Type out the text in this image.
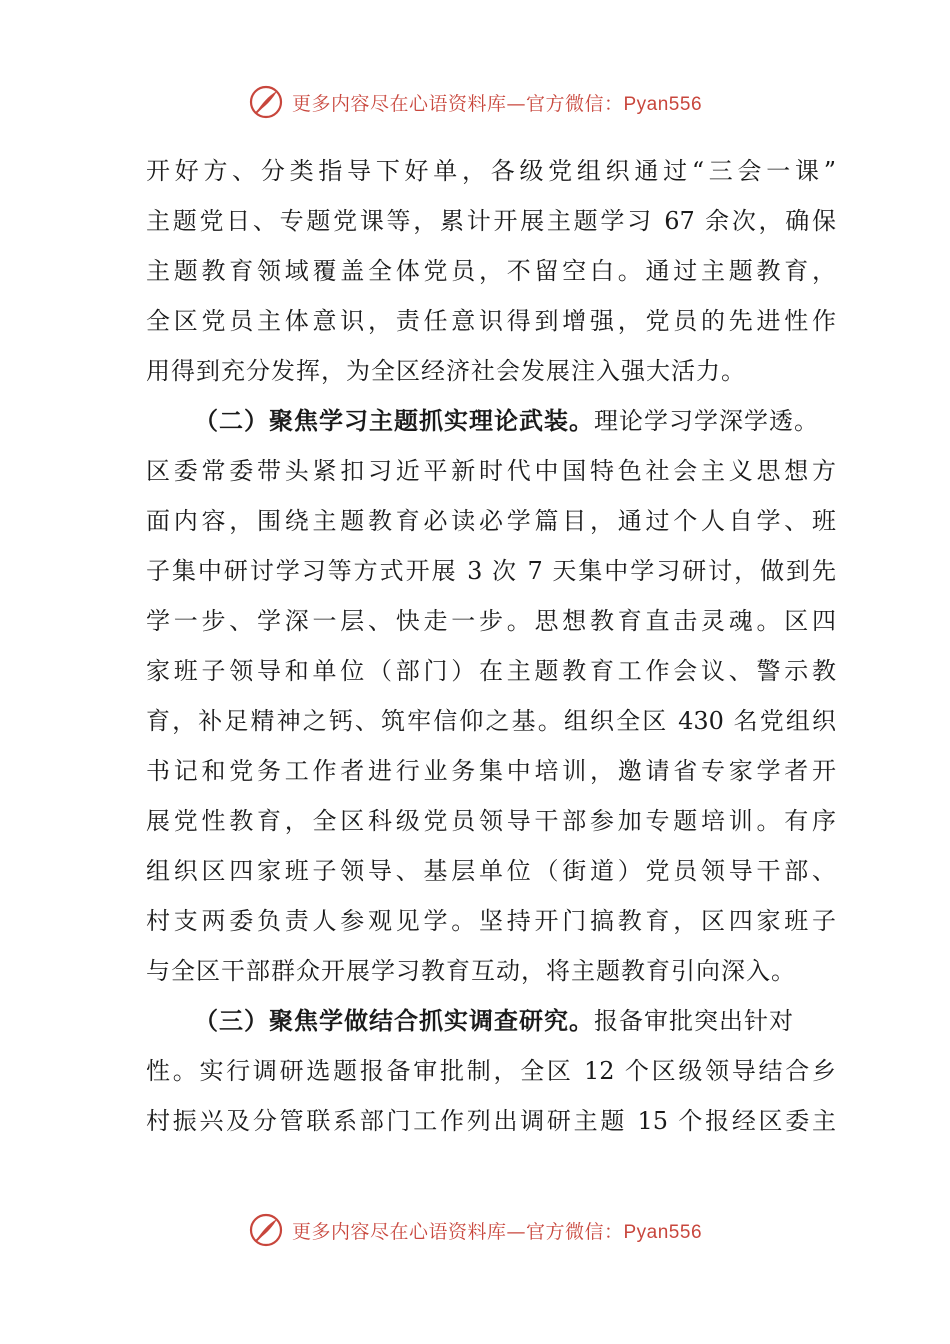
更多内容尽在心语资料库—官方微信：Pyan556
开好方、分类指导下好单，各级党组织通过“三会一课”
主题党日、专题党课等，累计开展主题学习 67 余次，确保
主题教育领域覆盖全体党员，不留空白。通过主题教育，
全区党员主体意识，责任意识得到增强，党员的先进性作
用得到充分发挥，为全区经济社会发展注入强大活力。
（二）聚焦学习主题抓实理论武装。理论学习学深学透。
区委常委带头紧扣习近平新时代中国特色社会主义思想方
面内容，围绕主题教育必读必学篇目，通过个人自学、班
子集中研讨学习等方式开展 3 次 7 天集中学习研讨，做到先
学一步、学深一层、快走一步。思想教育直击灵魂。区四
家班子领导和单位（部门）在主题教育工作会议、警示教
育，补足精神之钙、筑牢信仰之基。组织全区 430 名党组织
书记和党务工作者进行业务集中培训，邀请省专家学者开
展党性教育，全区科级党员领导干部参加专题培训。有序
组织区四家班子领导、基层单位（街道）党员领导干部、
村支两委负责人参观见学。坚持开门搞教育，区四家班子
与全区干部群众开展学习教育互动，将主题教育引向深入。
（三）聚焦学做结合抓实调查研究。报备审批突出针对
性。实行调研选题报备审批制，全区 12 个区级领导结合乡
村振兴及分管联系部门工作列出调研主题 15 个报经区委主
更多内容尽在心语资料库—官方微信：Pyan556
